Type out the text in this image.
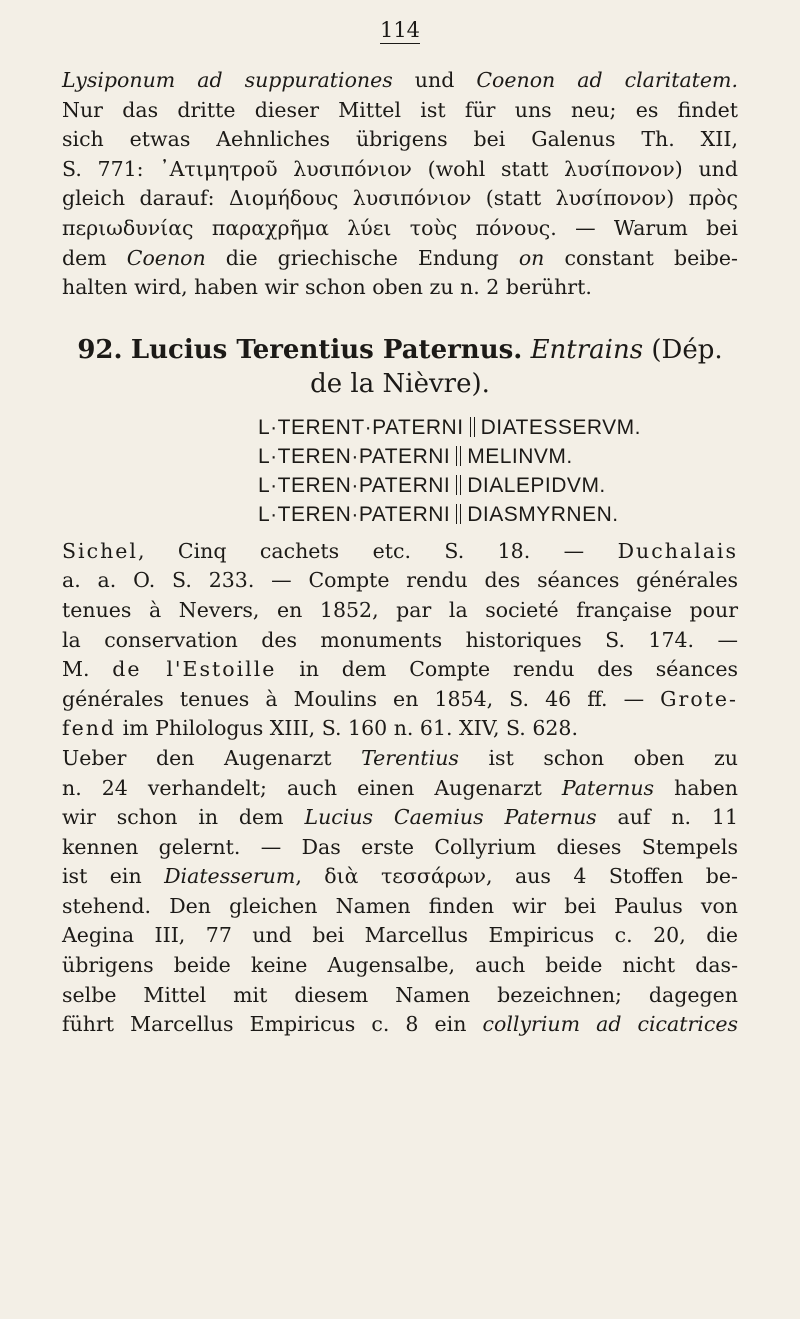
114
Lysiponum ad suppurationes und Coenon ad claritatem.
Nur das dritte dieser Mittel ist für uns neu; es findet
sich etwas Aehnliches übrigens bei Galenus Th. XII,
S. 771: ᾿Ατιμητροῦ λυσιπόνιον (wohl statt λυσίπονον) und
gleich darauf: Διομήδους λυσιπόνιον (statt λυσίπονον) πρὸς
περιωδυνίας παραχρῆμα λύει τοὺς πόνους. — Warum bei
dem Coenon die griechische Endung on constant beibe-
halten wird, haben wir schon oben zu n. 2 berührt.
92. Lucius Terentius Paternus. Entrains (Dép.
de la Nièvre).
L·TERENT·PATERNI DIATESSERVM.
L·TEREN·PATERNI MELINVM.
L·TEREN·PATERNI DIALEPIDVM.
L·TEREN·PATERNI DIASMYRNEN.
Sichel, Cinq cachets etc. S. 18. — Duchalais
a. a. O. S. 233. — Compte rendu des séances générales
tenues à Nevers, en 1852, par la societé française pour
la conservation des monuments historiques S. 174. —
M. de l'Estoille in dem Compte rendu des séances
générales tenues à Moulins en 1854, S. 46 ff. — Grote-
fend im Philologus XIII, S. 160 n. 61. XIV, S. 628.
Ueber den Augenarzt Terentius ist schon oben zu
n. 24 verhandelt; auch einen Augenarzt Paternus haben
wir schon in dem Lucius Caemius Paternus auf n. 11
kennen gelernt. — Das erste Collyrium dieses Stempels
ist ein Diatesserum, διὰ τεσσάρων, aus 4 Stoffen be-
stehend. Den gleichen Namen finden wir bei Paulus von
Aegina III, 77 und bei Marcellus Empiricus c. 20, die
übrigens beide keine Augensalbe, auch beide nicht das-
selbe Mittel mit diesem Namen bezeichnen; dagegen
führt Marcellus Empiricus c. 8 ein collyrium ad cicatrices
